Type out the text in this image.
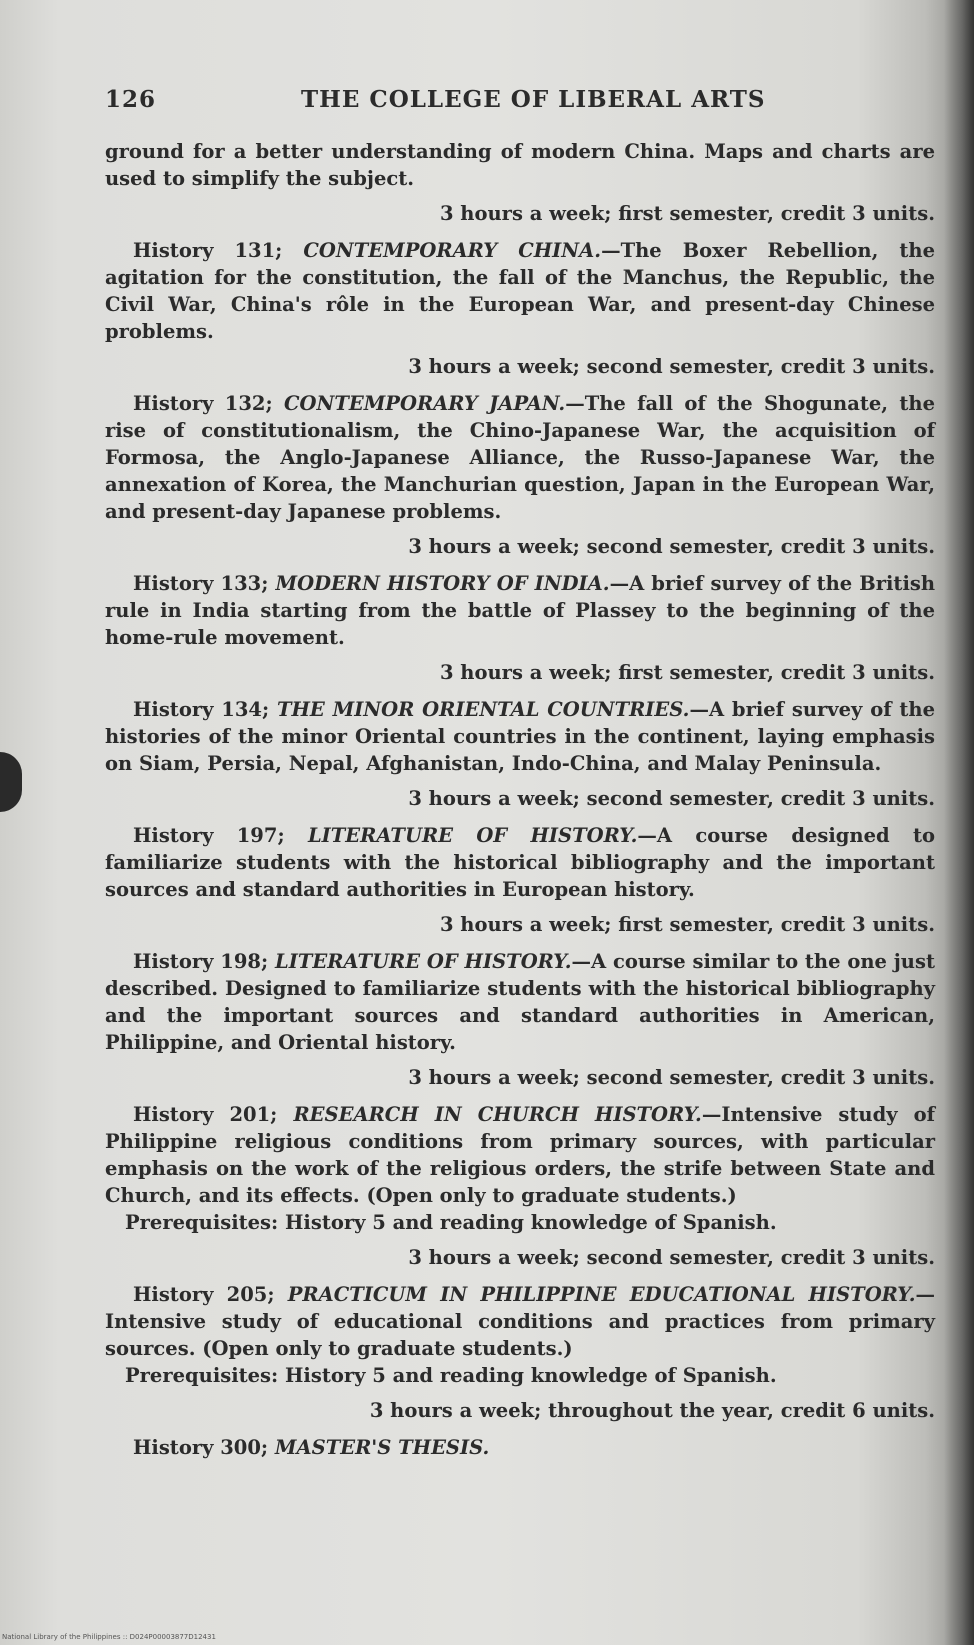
126	THE COLLEGE OF LIBERAL ARTS

ground for a better understanding of modern China. Maps and charts are used to simplify the subject.

3 hours a week; first semester, credit 3 units.

History 131; CONTEMPORARY CHINA.—The Boxer Rebellion, the agitation for the constitution, the fall of the Manchus, the Republic, the Civil War, China's rôle in the European War, and present-day Chinese problems.

3 hours a week; second semester, credit 3 units.

History 132; CONTEMPORARY JAPAN.—The fall of the Shogunate, the rise of constitutionalism, the Chino-Japanese War, the acquisition of Formosa, the Anglo-Japanese Alliance, the Russo-Japanese War, the annexation of Korea, the Manchurian question, Japan in the European War, and present-day Japanese problems.

3 hours a week; second semester, credit 3 units.

History 133; MODERN HISTORY OF INDIA.—A brief survey of the British rule in India starting from the battle of Plassey to the beginning of the home-rule movement.

3 hours a week; first semester, credit 3 units.

History 134; THE MINOR ORIENTAL COUNTRIES.—A brief survey of the histories of the minor Oriental countries in the continent, laying emphasis on Siam, Persia, Nepal, Afghanistan, Indo-China, and Malay Peninsula.

3 hours a week; second semester, credit 3 units.

History 197; LITERATURE OF HISTORY.—A course designed to familiarize students with the historical bibliography and the important sources and standard authorities in European history.

3 hours a week; first semester, credit 3 units.

History 198; LITERATURE OF HISTORY.—A course similar to the one just described. Designed to familiarize students with the historical bibliography and the important sources and standard authorities in American, Philippine, and Oriental history.

3 hours a week; second semester, credit 3 units.

History 201; RESEARCH IN CHURCH HISTORY.—Intensive study of Philippine religious conditions from primary sources, with particular emphasis on the work of the religious orders, the strife between State and Church, and its effects. (Open only to graduate students.)

Prerequisites: History 5 and reading knowledge of Spanish.

3 hours a week; second semester, credit 3 units.

History 205; PRACTICUM IN PHILIPPINE EDUCATIONAL HISTORY.—Intensive study of educational conditions and practices from primary sources. (Open only to graduate students.)

Prerequisites: History 5 and reading knowledge of Spanish.

3 hours a week; throughout the year, credit 6 units.

History 300; MASTER'S THESIS.

National Library of the Philippines :: D024P00003877D12431
